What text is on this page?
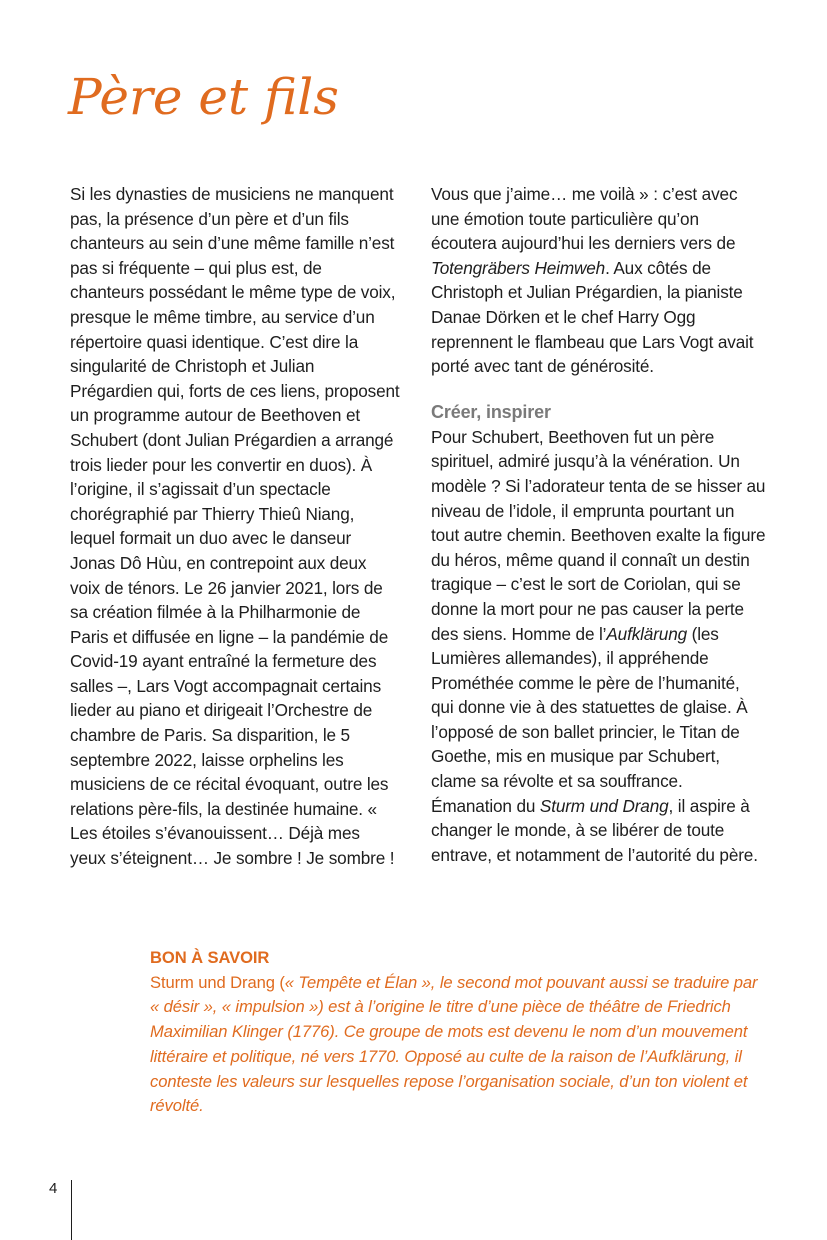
Père et fils

Si les dynasties de musiciens ne manquent pas, la présence d’un père et d’un fils chanteurs au sein d’une même famille n’est pas si fréquente – qui plus est, de chanteurs possédant le même type de voix, presque le même timbre, au service d’un répertoire quasi identique. C’est dire la singularité de Christoph et Julian Prégardien qui, forts de ces liens, proposent un programme autour de Beethoven et Schubert (dont Julian Prégardien a arrangé trois lieder pour les convertir en duos). À l’origine, il s’agissait d’un spectacle chorégraphié par Thierry Thieû Niang, lequel formait un duo avec le danseur Jonas Dô Hùu, en contrepoint aux deux voix de ténors. Le 26 janvier 2021, lors de sa création filmée à la Philharmonie de Paris et diffusée en ligne – la pandémie de Covid-19 ayant entraîné la fermeture des salles –, Lars Vogt accompagnait certains lieder au piano et dirigeait l’Orchestre de chambre de Paris. Sa disparition, le 5 septembre 2022, laisse orphelins les musiciens de ce récital évoquant, outre les relations père-fils, la destinée humaine. « Les étoiles s’évanouissent… Déjà mes yeux s’éteignent… Je sombre ! Je sombre !

Vous que j’aime… me voilà » : c’est avec une émotion toute particulière qu’on écoutera aujourd’hui les derniers vers de Totengräbers Heimweh. Aux côtés de Christoph et Julian Prégardien, la pianiste Danae Dörken et le chef Harry Ogg reprennent le flambeau que Lars Vogt avait porté avec tant de générosité.

Créer, inspirer

Pour Schubert, Beethoven fut un père spirituel, admiré jusqu’à la vénération. Un modèle ? Si l’adorateur tenta de se hisser au niveau de l’idole, il emprunta pourtant un tout autre chemin. Beethoven exalte la figure du héros, même quand il connaît un destin tragique – c’est le sort de Coriolan, qui se donne la mort pour ne pas causer la perte des siens. Homme de l’Aufklärung (les Lumières allemandes), il appréhende Prométhée comme le père de l’humanité, qui donne vie à des statuettes de glaise. À l’opposé de son ballet princier, le Titan de Goethe, mis en musique par Schubert, clame sa révolte et sa souffrance. Émanation du Sturm und Drang, il aspire à changer le monde, à se libérer de toute entrave, et notamment de l’autorité du père.

BON À SAVOIR

Sturm und Drang (« Tempête et Élan », le second mot pouvant aussi se traduire par « désir », « impulsion ») est à l’origine le titre d’une pièce de théâtre de Friedrich Maximilian Klinger (1776). Ce groupe de mots est devenu le nom d’un mouvement littéraire et politique, né vers 1770. Opposé au culte de la raison de l’Aufklärung, il conteste les valeurs sur lesquelles repose l’organisation sociale, d’un ton violent et révolté.

4
